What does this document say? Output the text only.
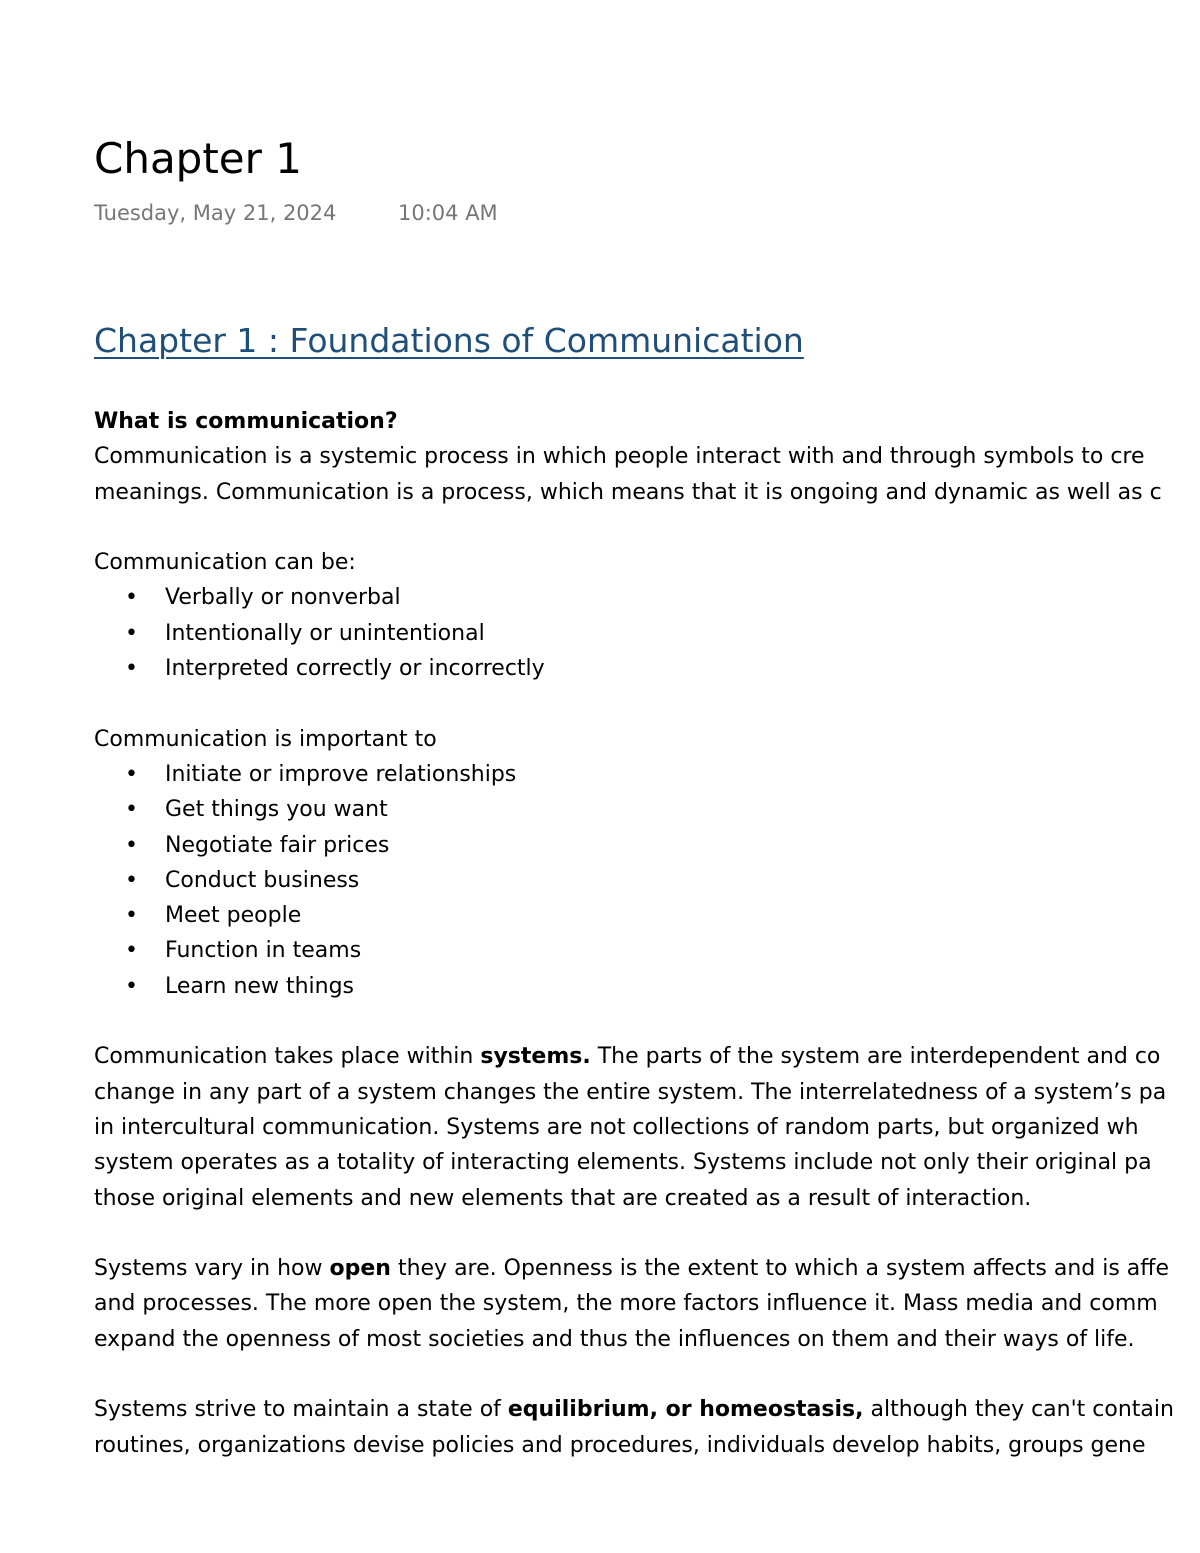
Chapter 1
Tuesday, May 21, 2024	10:04 AM
Chapter 1 : Foundations of Communication

What is communication?

Communication is a systemic process in which people interact with and through symbols to cre

meanings. Communication is a process, which means that it is ongoing and dynamic as well as c

Communication can be:

• Verbally or nonverbal
• Intentionally or unintentional
• Interpreted correctly or incorrectly

Communication is important to

• Initiate or improve relationships
• Get things you want
• Negotiate fair prices
• Conduct business
• Meet people
• Function in teams
• Learn new things

Communication takes place within systems. The parts of the system are interdependent and co

change in any part of a system changes the entire system. The interrelatedness of a system’s pa

in intercultural communication. Systems are not collections of random parts, but organized wh

system operates as a totality of interacting elements. Systems include not only their original pa

those original elements and new elements that are created as a result of interaction.

Systems vary in how open they are. Openness is the extent to which a system affects and is affe

and processes. The more open the system, the more factors influence it. Mass media and comm

expand the openness of most societies and thus the influences on them and their ways of life.

Systems strive to maintain a state of equilibrium, or homeostasis, although they can't contain

routines, organizations devise policies and procedures, individuals develop habits, groups gene
